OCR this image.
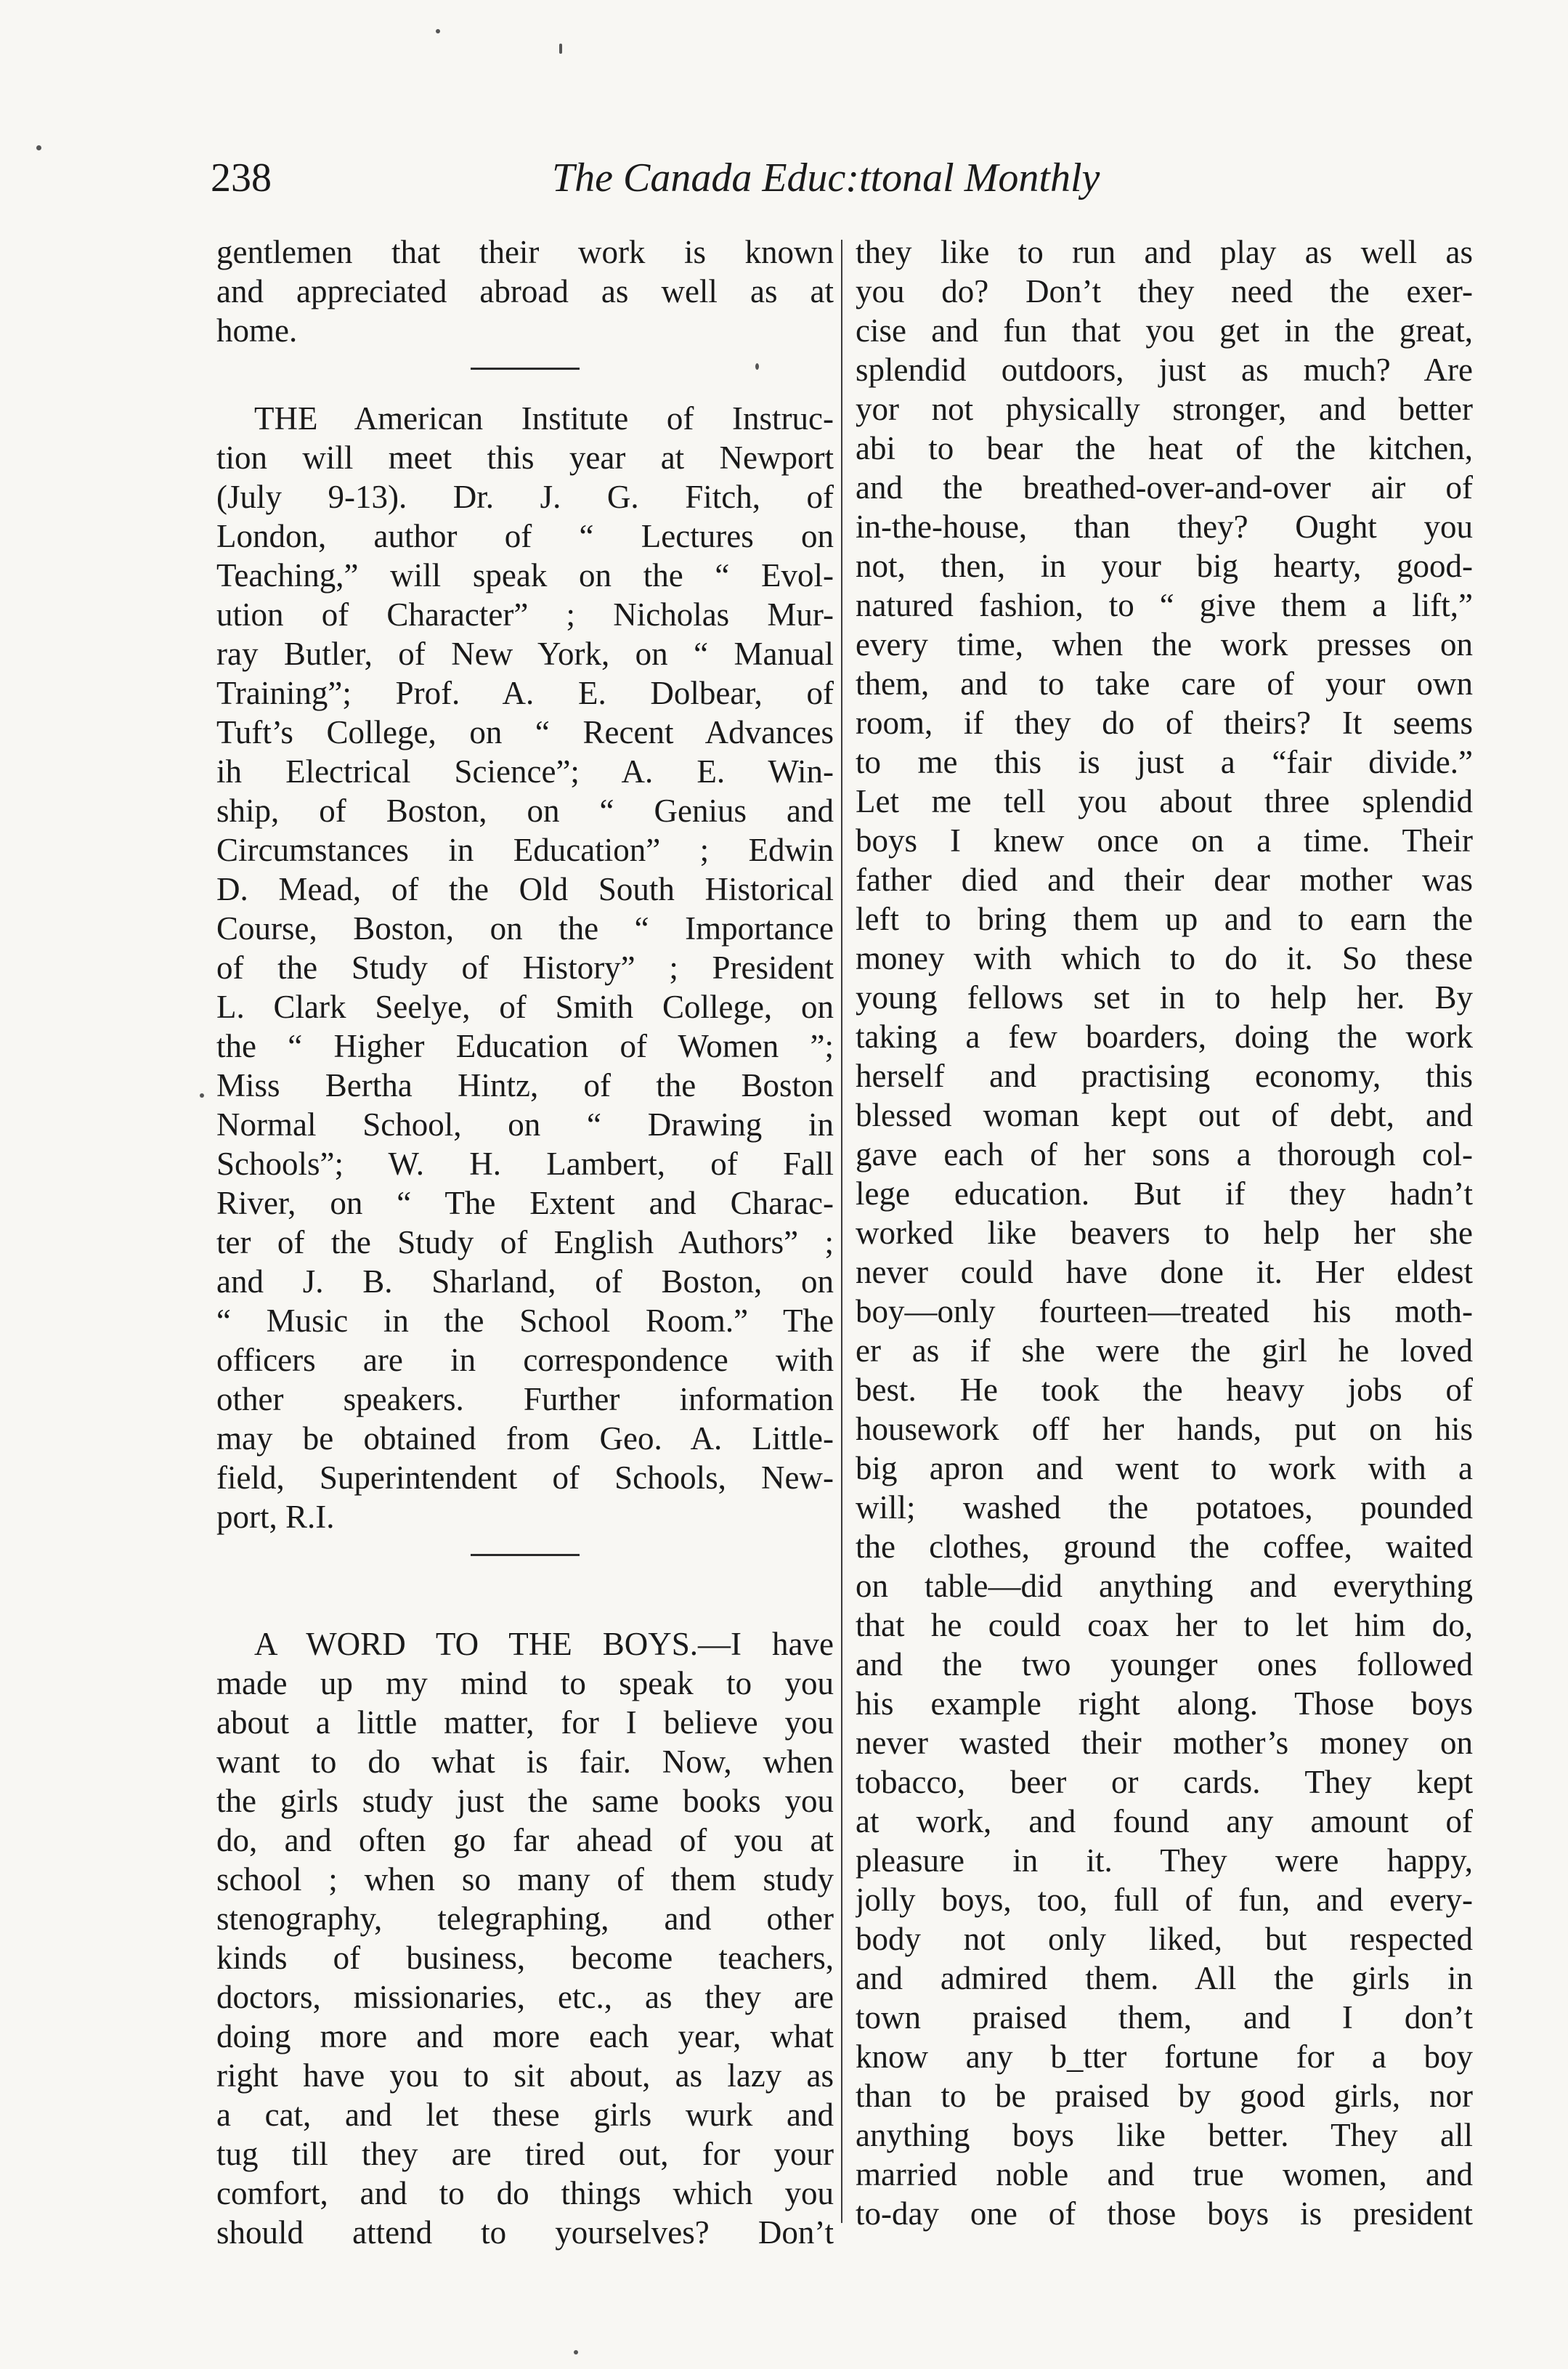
238	The Canada Educ:ttonal Monthly
gentlemen that their work is known
and appreciated abroad as well as at
home.
THE American Institute of Instruc-
tion will meet this year at Newport
(July 9-13). Dr. J. G. Fitch, of
London, author of “ Lectures on
Teaching,” will speak on the “ Evol-
ution of Character” ; Nicholas Mur-
ray Butler, of New York, on “ Manual
Training”; Prof. A. E. Dolbear, of
Tuft’s College, on “ Recent Advances
ih Electrical Science”; A. E. Win-
ship, of Boston, on “ Genius and
Circumstances in Education” ; Edwin
D. Mead, of the Old South Historical
Course, Boston, on the “ Importance
of the Study of History” ; President
L. Clark Seelye, of Smith College, on
the “ Higher Education of Women ”;
Miss Bertha Hintz, of the Boston
Normal School, on “ Drawing in
Schools”; W. H. Lambert, of Fall
River, on “ The Extent and Charac-
ter of the Study of English Authors” ;
and J. B. Sharland, of Boston, on
“ Music in the School Room.” The
officers are in correspondence with
other speakers. Further information
may be obtained from Geo. A. Little-
field, Superintendent of Schools, New-
port, R.I.
A WORD TO THE BOYS.—I have
made up my mind to speak to you
about a little matter, for I believe you
want to do what is fair. Now, when
the girls study just the same books you
do, and often go far ahead of you at
school ; when so many of them study
stenography, telegraphing, and other
kinds of business, become teachers,
doctors, missionaries, etc., as they are
doing more and more each year, what
right have you to sit about, as lazy as
a cat, and let these girls wurk and
tug till they are tired out, for your
comfort, and to do things which you
should attend to yourselves? Don’t
they like to run and play as well as
you do? Don’t they need the exer-
cise and fun that you get in the great,
splendid outdoors, just as much? Are
yor not physically stronger, and better
abi to bear the heat of the kitchen,
and the breathed-over-and-over air of
in-the-house, than they? Ought you
not, then, in your big hearty, good-
natured fashion, to “ give them a lift,”
every time, when the work presses on
them, and to take care of your own
room, if they do of theirs? It seems
to me this is just a “fair divide.”
Let me tell you about three splendid
boys I knew once on a time. Their
father died and their dear mother was
left to bring them up and to earn the
money with which to do it. So these
young fellows set in to help her. By
taking a few boarders, doing the work
herself and practising economy, this
blessed woman kept out of debt, and
gave each of her sons a thorough col-
lege education. But if they hadn’t
worked like beavers to help her she
never could have done it. Her eldest
boy—only fourteen—treated his moth-
er as if she were the girl he loved
best. He took the heavy jobs of
housework off her hands, put on his
big apron and went to work with a
will; washed the potatoes, pounded
the clothes, ground the coffee, waited
on table—did anything and everything
that he could coax her to let him do,
and the two younger ones followed
his example right along. Those boys
never wasted their mother’s money on
tobacco, beer or cards. They kept
at work, and found any amount of
pleasure in it. They were happy,
jolly boys, too, full of fun, and every-
body not only liked, but respected
and admired them. All the girls in
town praised them, and I don’t
know any b_tter fortune for a boy
than to be praised by good girls, nor
anything boys like better. They all
married noble and true women, and
to-day one of those boys is president
